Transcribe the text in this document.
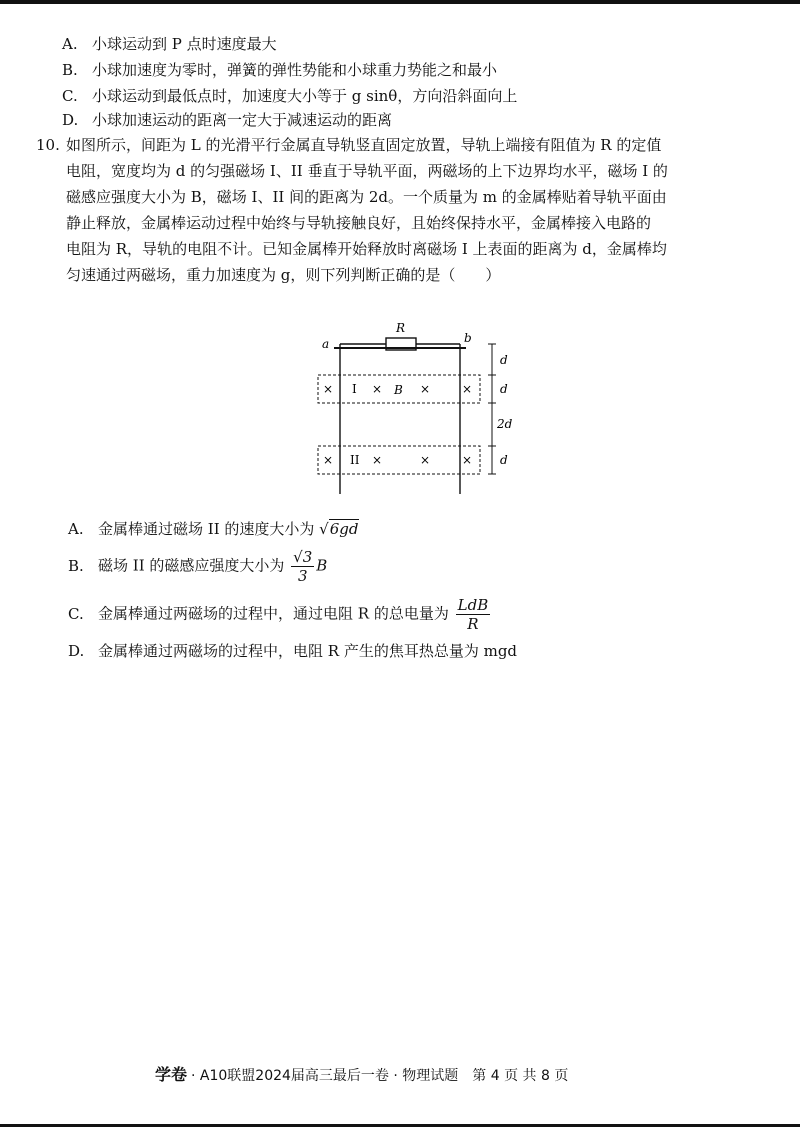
A. 小球运动到 P 点时速度最大
B. 小球加速度为零时，弹簧的弹性势能和小球重力势能之和最小
C. 小球运动到最低点时，加速度大小等于 g sinθ，方向沿斜面向上
D. 小球加速运动的距离一定大于减速运动的距离
10. 如图所示，间距为 L 的光滑平行金属直导轨竖直固定放置，导轨上端接有阻值为 R 的定值
电阻，宽度均为 d 的匀强磁场 I、II 垂直于导轨平面，两磁场的上下边界均水平，磁场 I 的
磁感应强度大小为 B，磁场 I、II 间的距离为 2d。一个质量为 m 的金属棒贴着导轨平面由
静止释放，金属棒运动过程中始终与导轨接触良好，且始终保持水平，金属棒接入电路的
电阻为 R，导轨的电阻不计。已知金属棒开始释放时离磁场 I 上表面的距离为 d，金属棒均
匀速通过两磁场，重力加速度为 g，则下列判断正确的是（　　）
R
a	b
× I × B ×	×
× II ×	×	×
d
d
2d
d
A. 金属棒通过磁场 II 的速度大小为 √6gd
B. 磁场 II 的磁感应强度大小为 $\frac{√3}{3}$ B
C. 金属棒通过两磁场的过程中，通过电阻 R 的总电量为 $\frac{\text{LdB}}{R}$
D. 金属棒通过两磁场的过程中，电阻 R 产生的焦耳热总量为 mgd
学卷 · A10联盟2024届高三最后一卷 · 物理试题　第 4 页 共 8 页
